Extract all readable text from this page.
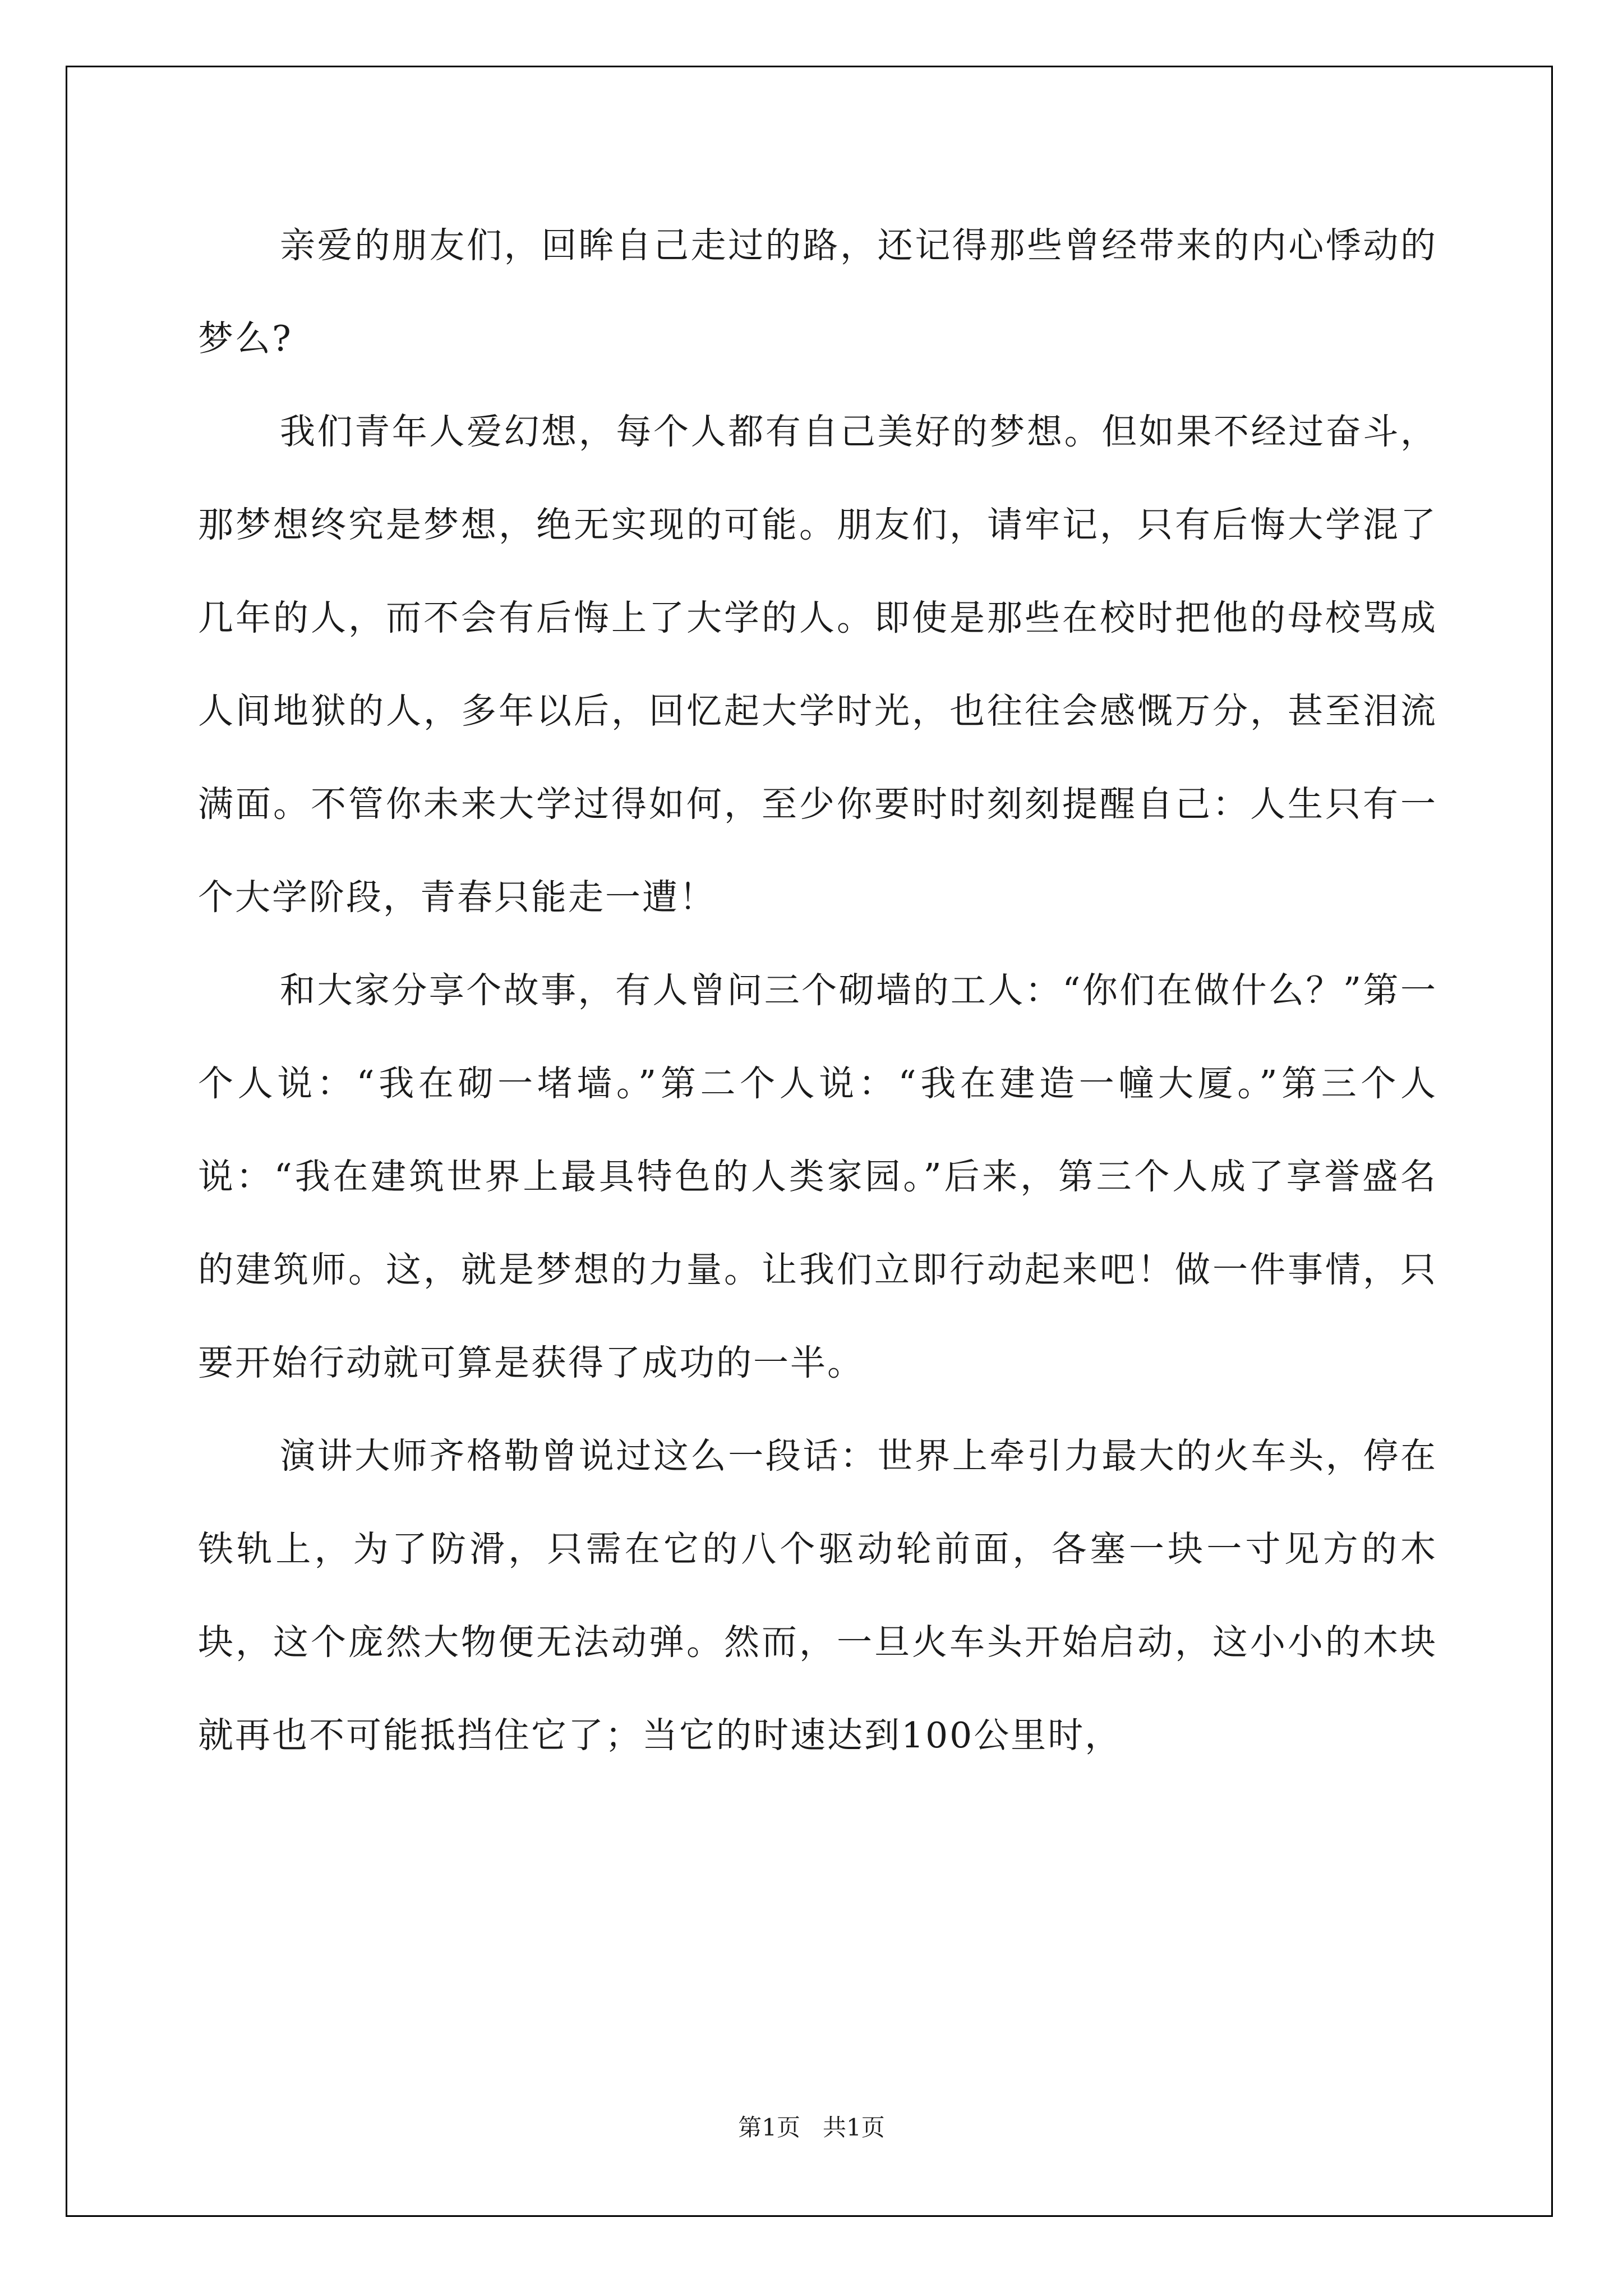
亲爱的朋友们，回眸自己走过的路，还记得那些曾经带来的内心悸动的梦么?

我们青年人爱幻想，每个人都有自己美好的梦想。但如果不经过奋斗，那梦想终究是梦想，绝无实现的可能。朋友们，请牢记，只有后悔大学混了几年的人，而不会有后悔上了大学的人。即使是那些在校时把他的母校骂成人间地狱的人，多年以后，回忆起大学时光，也往往会感慨万分，甚至泪流满面。不管你未来大学过得如何，至少你要时时刻刻提醒自己：人生只有一个大学阶段，青春只能走一遭！

和大家分享个故事，有人曾问三个砌墙的工人：“你们在做什么？”第一个人说：“我在砌一堵墙。”第二个人说：“我在建造一幢大厦。”第三个人说：“我在建筑世界上最具特色的人类家园。”后来，第三个人成了享誉盛名的建筑师。这，就是梦想的力量。让我们立即行动起来吧！做一件事情，只要开始行动就可算是获得了成功的一半。

演讲大师齐格勒曾说过这么一段话：世界上牵引力最大的火车头，停在铁轨上，为了防滑，只需在它的八个驱动轮前面，各塞一块一寸见方的木块，这个庞然大物便无法动弹。然而，一旦火车头开始启动，这小小的木块就再也不可能抵挡住它了；当它的时速达到100公里时，

第1页   共1页
